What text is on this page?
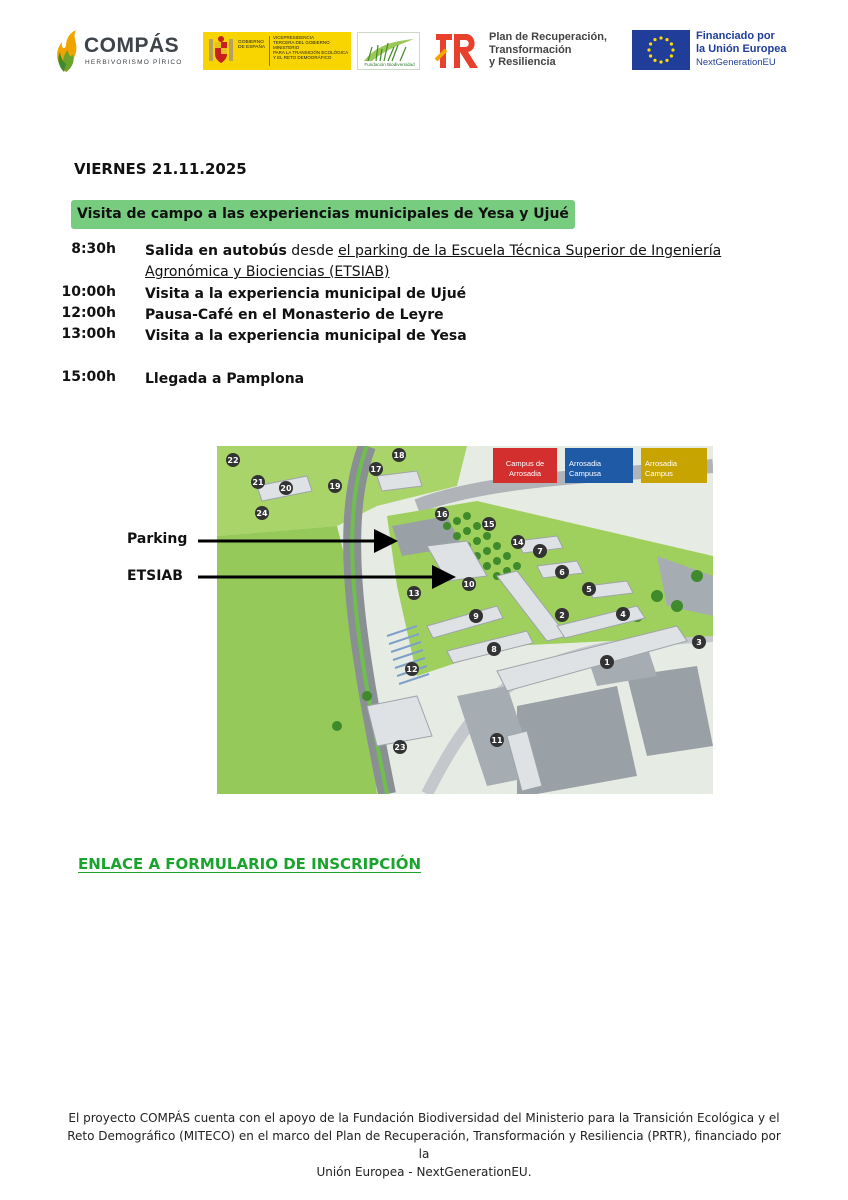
COMPÁS
HERBIVORISMO PÍRICO
GOBIERNO DE ESPAÑA
VICEPRESIDENCIA
TERCERA DEL GOBIERNO
MINISTERIO
PARA LA TRANSICIÓN ECOLÓGICA
Y EL RETO DEMOGRÁFICO
Fundación Biodiversidad
Plan de Recuperación,
Transformación
y Resiliencia
Financiado por
la Unión Europea
NextGenerationEU
VIERNES 21.11.2025
Visita de campo a las experiencias municipales de Yesa y Ujué
8:30h Salida en autobús desde el parking de la Escuela Técnica Superior de Ingeniería
Agronómica y Biociencias (ETSIAB)
10:00h Visita a la experiencia municipal de Ujué
12:00h Pausa-Café en el Monasterio de Leyre
13:00h Visita a la experiencia municipal de Yesa
15:00h Llegada a Pamplona
22
17
18
21
20	19
24	16
15
14
7
6
5
4
3
2
1
10
13
9
8
12
11
23
Campus de
Arrosadia
Arrosadia
Campusa
Arrosadia
Campus
Parking
ETSIAB
ENLACE A FORMULARIO DE INSCRIPCIÓN
El proyecto COMPÁS cuenta con el apoyo de la Fundación Biodiversidad del Ministerio para la Transición Ecológica y el
Reto Demográfico (MITECO) en el marco del Plan de Recuperación, Transformación y Resiliencia (PRTR), financiado por la
Unión Europea - NextGenerationEU.
